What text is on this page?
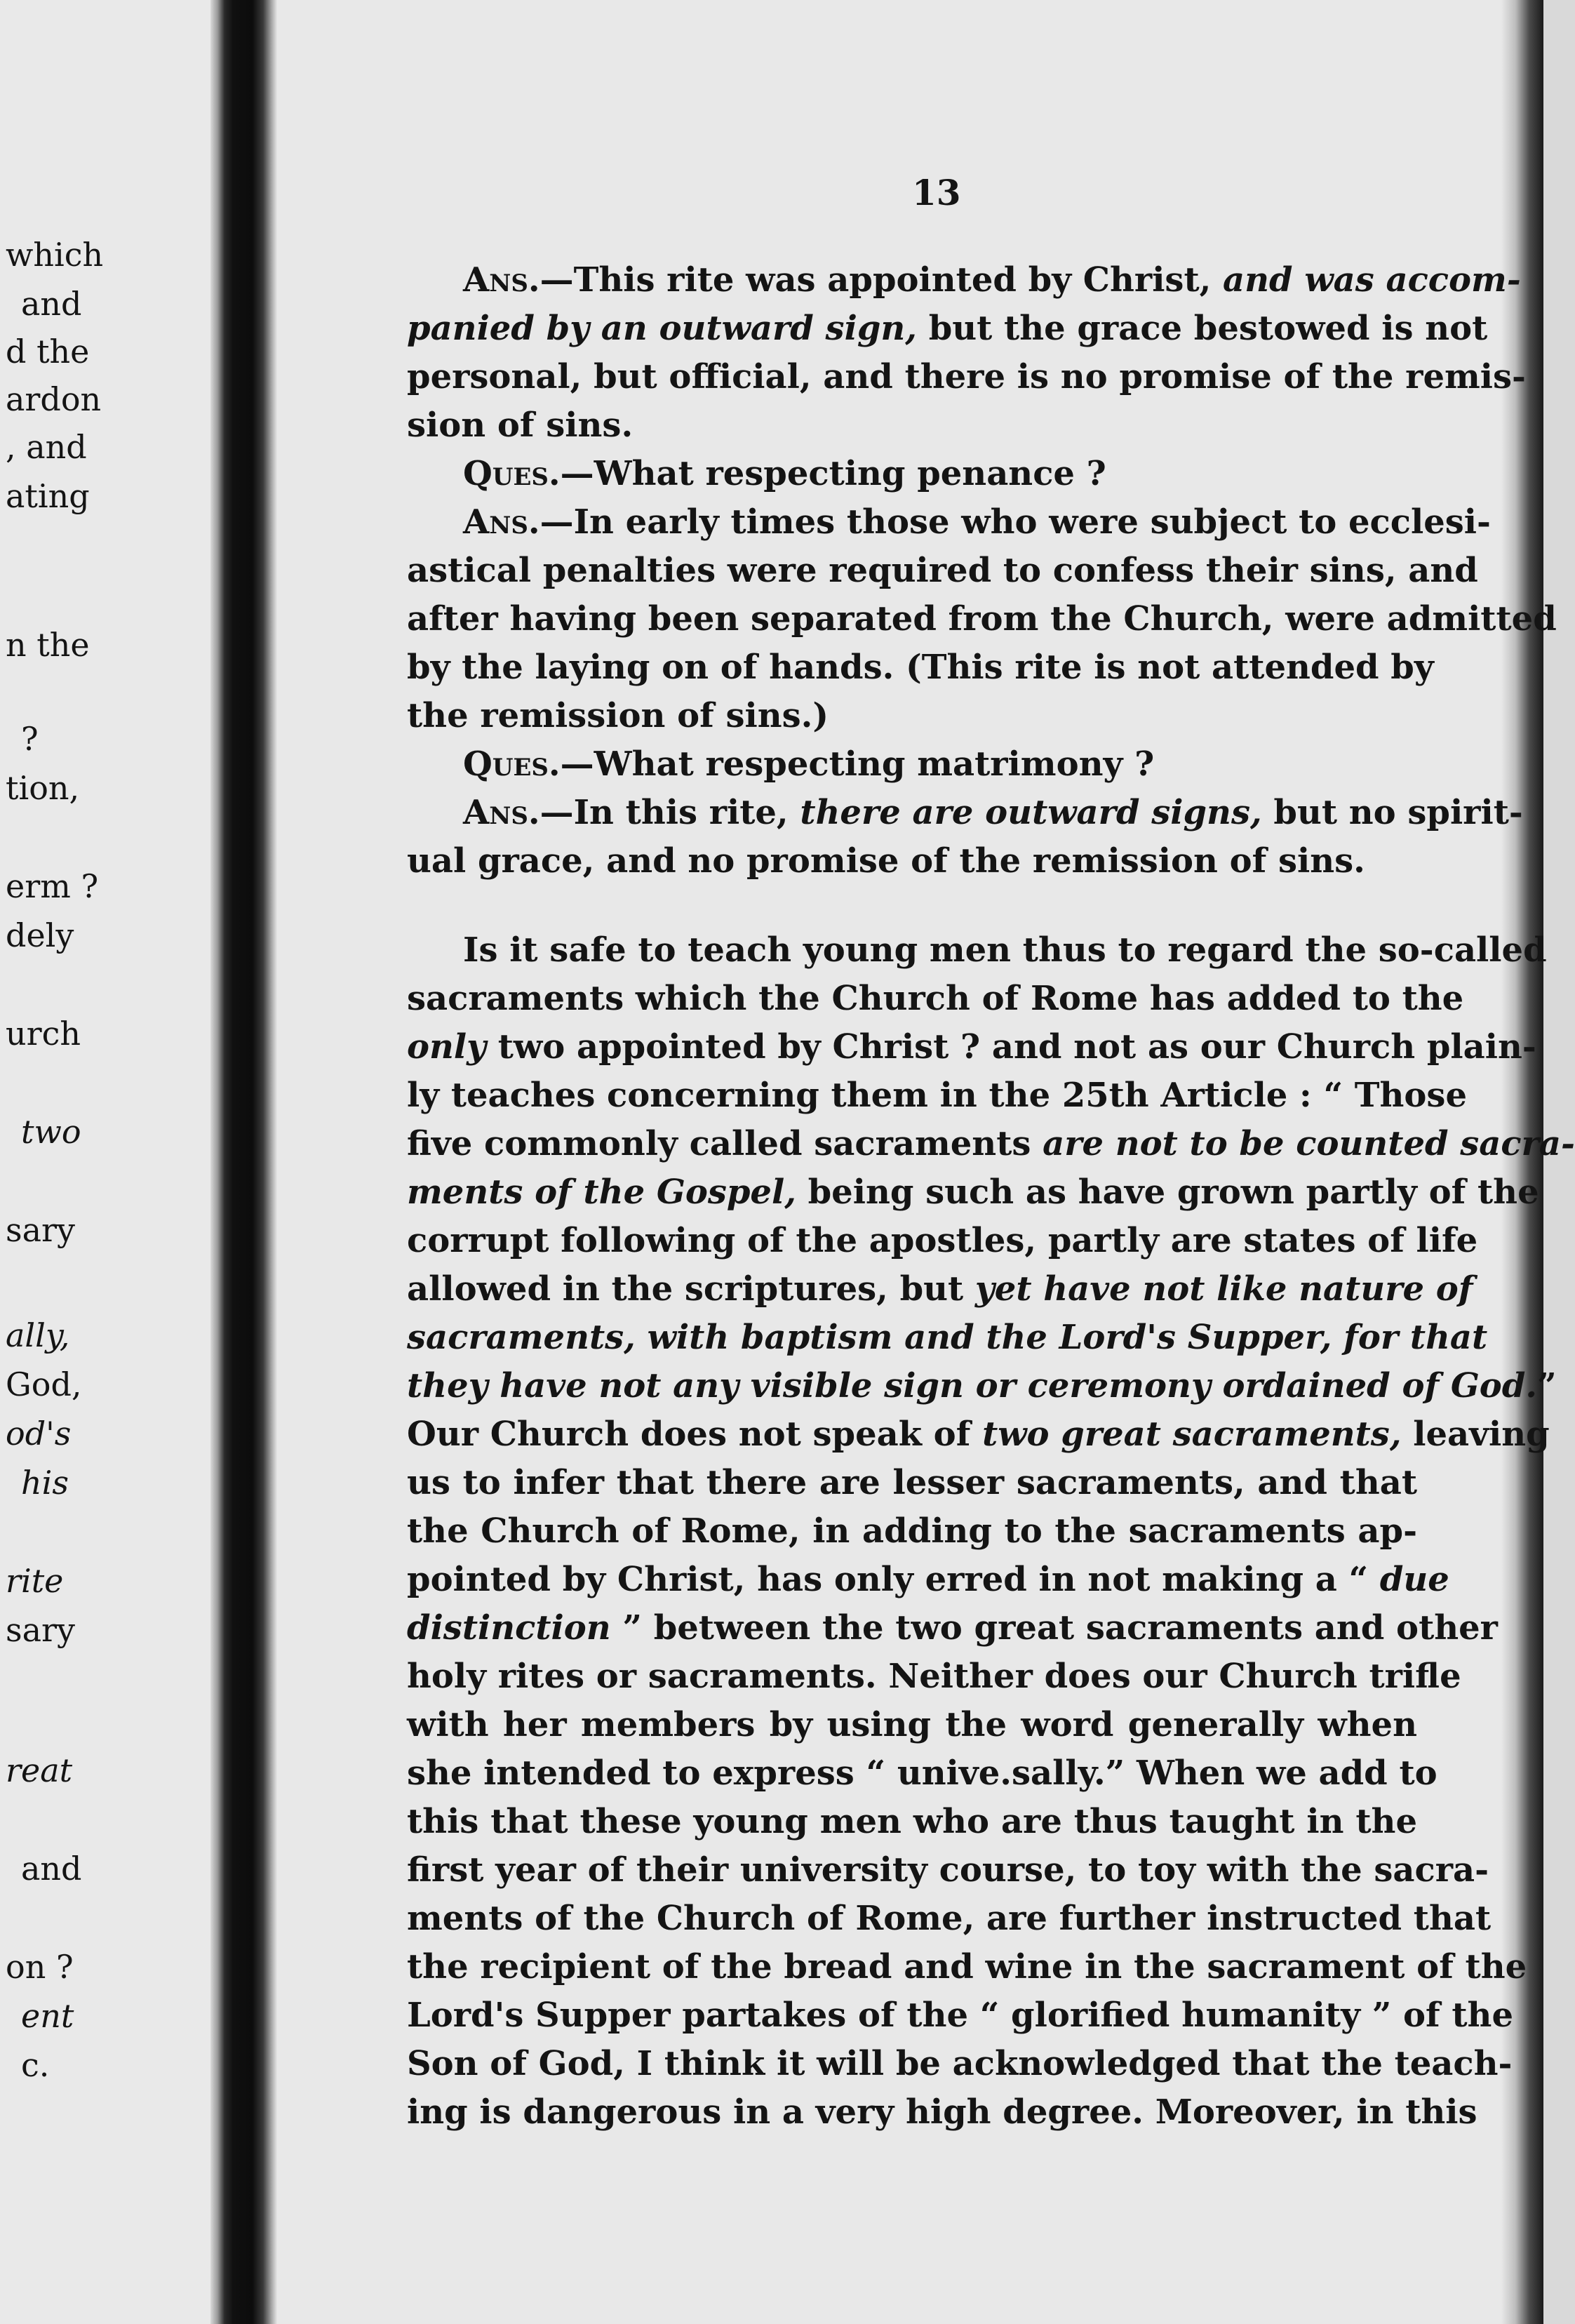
which
and
d the
ardon
, and
ating
n the
?
tion,
erm ?
dely
urch
two
sary
ally,
God,
od's
his
rite
sary
reat
and
on ?
ent
c.
13
Ans.—This rite was appointed by Christ, and was accom-
panied by an outward sign, but the grace bestowed is not
personal, but official, and there is no promise of the remis-
sion of sins.
Ques.—What respecting penance ?
Ans.—In early times those who were subject to ecclesi-
astical penalties were required to confess their sins, and
after having been separated from the Church, were admitted
by the laying on of hands. (This rite is not attended by
the remission of sins.)
Ques.—What respecting matrimony ?
Ans.—In this rite, there are outward signs, but no spirit-
ual grace, and no promise of the remission of sins.
Is it safe to teach young men thus to regard the so-called
sacraments which the Church of Rome has added to the
only two appointed by Christ ? and not as our Church plain-
ly teaches concerning them in the 25th Article : “ Those
five commonly called sacraments are not to be counted sacra-
ments of the Gospel, being such as have grown partly of the
corrupt following of the apostles, partly are states of life
allowed in the scriptures, but yet have not like nature of
sacraments, with baptism and the Lord's Supper, for that
they have not any visible sign or ceremony ordained of God.”
Our Church does not speak of two great sacraments, leaving
us to infer that there are lesser sacraments, and that
the Church of Rome, in adding to the sacraments ap-
pointed by Christ, has only erred in not making a “ due
distinction ” between the two great sacraments and other
holy rites or sacraments. Neither does our Church trifle
with her members by using the word generally when
she intended to express “ unive.sally.” When we add to
this that these young men who are thus taught in the
first year of their university course, to toy with the sacra-
ments of the Church of Rome, are further instructed that
the recipient of the bread and wine in the sacrament of the
Lord's Supper partakes of the “ glorified humanity ” of the
Son of God, I think it will be acknowledged that the teach-
ing is dangerous in a very high degree. Moreover, in this
